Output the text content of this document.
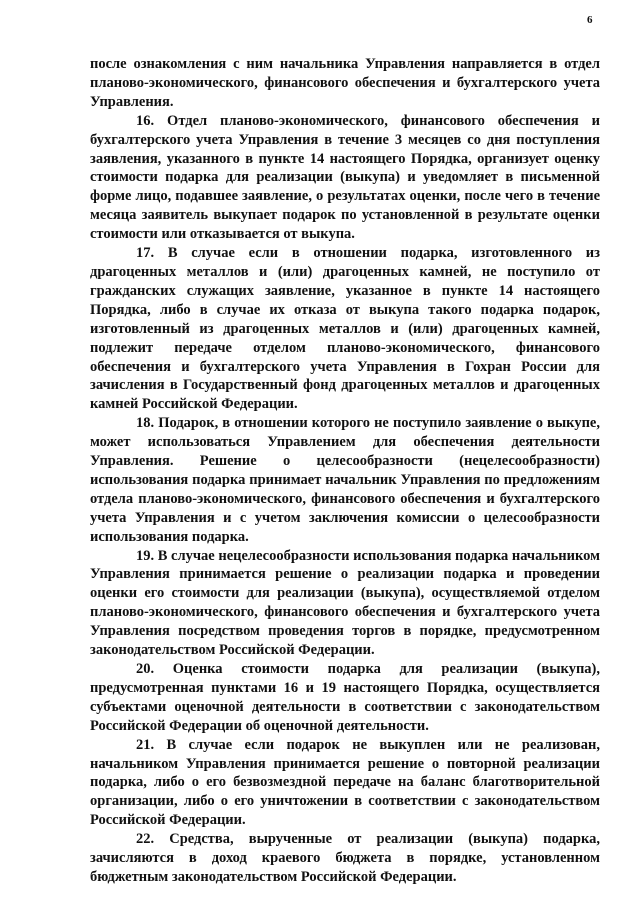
6

после ознакомления с ним начальника Управления направляется в отдел планово-экономического, финансового обеспечения и бухгалтерского учета Управления.

16. Отдел планово-экономического, финансового обеспечения и бухгалтерского учета Управления в течение 3 месяцев со дня поступления заявления, указанного в пункте 14 настоящего Порядка, организует оценку стоимости подарка для реализации (выкупа) и уведомляет в письменной форме лицо, подавшее заявление, о результатах оценки, после чего в течение месяца заявитель выкупает подарок по установленной в результате оценки стоимости или отказывается от выкупа.

17. В случае если в отношении подарка, изготовленного из драгоценных металлов и (или) драгоценных камней, не поступило от гражданских служащих заявление, указанное в пункте 14 настоящего Порядка, либо в случае их отказа от выкупа такого подарка подарок, изготовленный из драгоценных металлов и (или) драгоценных камней, подлежит передаче отделом планово-экономического, финансового обеспечения и бухгалтерского учета Управления в Гохран России для зачисления в Государственный фонд драгоценных металлов и драгоценных камней Российской Федерации.

18. Подарок, в отношении которого не поступило заявление о выкупе, может использоваться Управлением для обеспечения деятельности Управления. Решение о целесообразности (нецелесообразности) использования подарка принимает начальник Управления по предложениям отдела планово-экономического, финансового обеспечения и бухгалтерского учета Управления и с учетом заключения комиссии о целесообразности использования подарка.

19. В случае нецелесообразности использования подарка начальником Управления принимается решение о реализации подарка и проведении оценки его стоимости для реализации (выкупа), осуществляемой отделом планово-экономического, финансового обеспечения и бухгалтерского учета Управления посредством проведения торгов в порядке, предусмотренном законодательством Российской Федерации.

20. Оценка стоимости подарка для реализации (выкупа), предусмотренная пунктами 16 и 19 настоящего Порядка, осуществляется субъектами оценочной деятельности в соответствии с законодательством Российской Федерации об оценочной деятельности.

21. В случае если подарок не выкуплен или не реализован, начальником Управления принимается решение о повторной реализации подарка, либо о его безвозмездной передаче на баланс благотворительной организации, либо о его уничтожении в соответствии с законодательством Российской Федерации.

22. Средства, вырученные от реализации (выкупа) подарка, зачисляются в доход краевого бюджета в порядке, установленном бюджетным законодательством Российской Федерации.
